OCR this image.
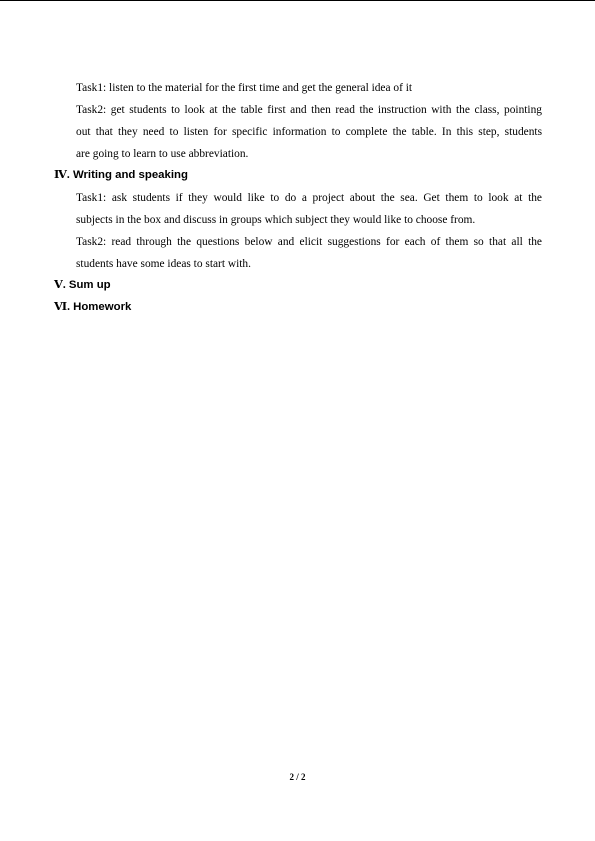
Task1: listen to the material for the first time and get the general idea of it
Task2: get students to look at the table first and then read the instruction with the class, pointing
out that they need to listen for specific information to complete the table. In this step, students
are going to learn to use abbreviation.
Ⅳ. Writing and speaking
Task1: ask students if they would like to do a project about the sea. Get them to look at the
subjects in the box and discuss in groups which subject they would like to choose from.
Task2: read through the questions below and elicit suggestions for each of them so that all the
students have some ideas to start with.
Ⅴ. Sum up
Ⅵ. Homework
2 / 2
